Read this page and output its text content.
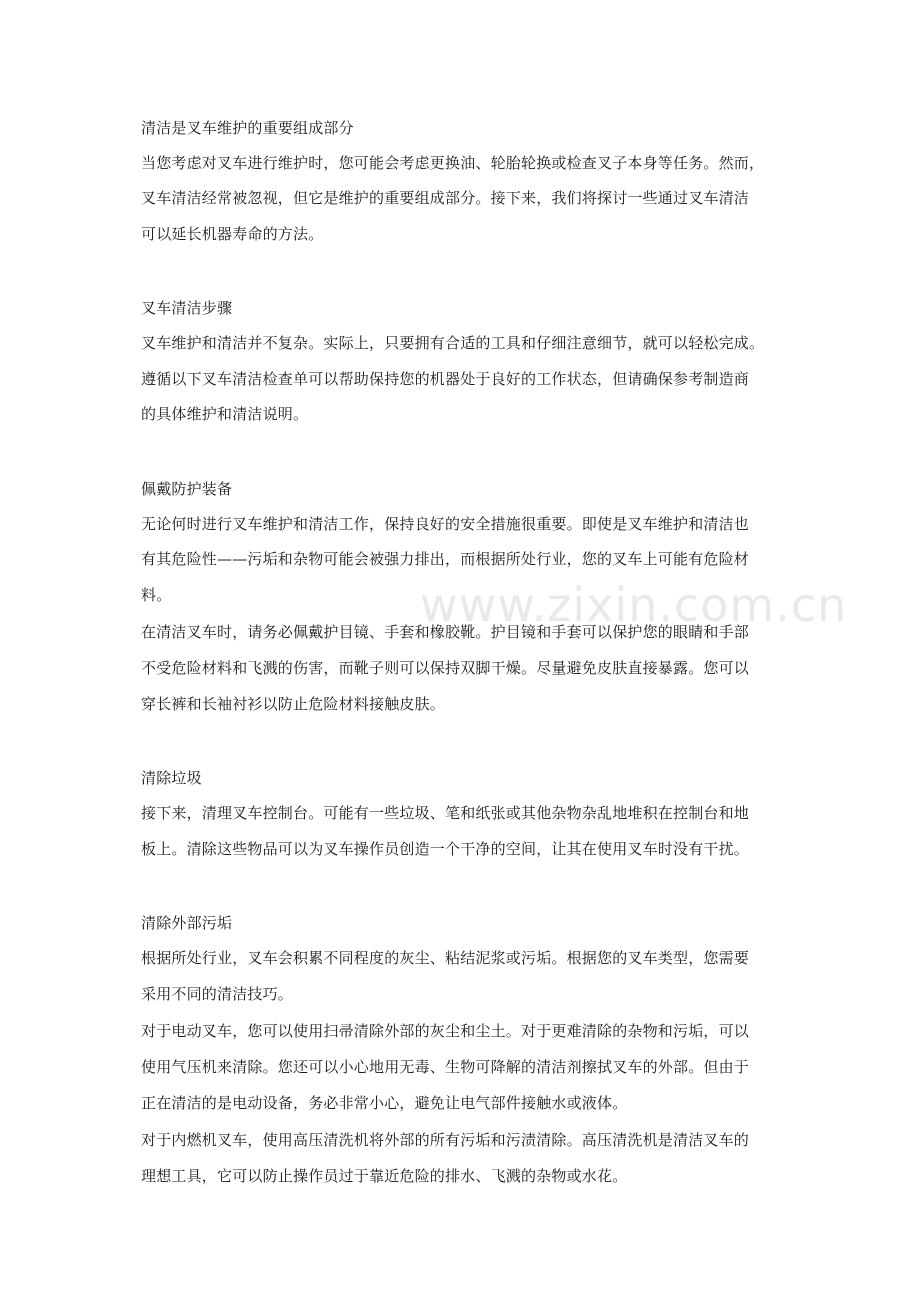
www.zixin.com.cn
清洁是叉车维护的重要组成部分
当您考虑对叉车进行维护时，您可能会考虑更换油、轮胎轮换或检查叉子本身等任务。然而，
叉车清洁经常被忽视，但它是维护的重要组成部分。接下来，我们将探讨一些通过叉车清洁
可以延长机器寿命的方法。
叉车清洁步骤
叉车维护和清洁并不复杂。实际上，只要拥有合适的工具和仔细注意细节，就可以轻松完成。
遵循以下叉车清洁检查单可以帮助保持您的机器处于良好的工作状态，但请确保参考制造商
的具体维护和清洁说明。
佩戴防护装备
无论何时进行叉车维护和清洁工作，保持良好的安全措施很重要。即使是叉车维护和清洁也
有其危险性——污垢和杂物可能会被强力排出，而根据所处行业，您的叉车上可能有危险材
料。
在清洁叉车时，请务必佩戴护目镜、手套和橡胶靴。护目镜和手套可以保护您的眼睛和手部
不受危险材料和飞溅的伤害，而靴子则可以保持双脚干燥。尽量避免皮肤直接暴露。您可以
穿长裤和长袖衬衫以防止危险材料接触皮肤。
清除垃圾
接下来，清理叉车控制台。可能有一些垃圾、笔和纸张或其他杂物杂乱地堆积在控制台和地
板上。清除这些物品可以为叉车操作员创造一个干净的空间，让其在使用叉车时没有干扰。
清除外部污垢
根据所处行业，叉车会积累不同程度的灰尘、粘结泥浆或污垢。根据您的叉车类型，您需要
采用不同的清洁技巧。
对于电动叉车，您可以使用扫帚清除外部的灰尘和尘土。对于更难清除的杂物和污垢，可以
使用气压机来清除。您还可以小心地用无毒、生物可降解的清洁剂擦拭叉车的外部。但由于
正在清洁的是电动设备，务必非常小心，避免让电气部件接触水或液体。
对于内燃机叉车，使用高压清洗机将外部的所有污垢和污渍清除。高压清洗机是清洁叉车的
理想工具，它可以防止操作员过于靠近危险的排水、飞溅的杂物或水花。
